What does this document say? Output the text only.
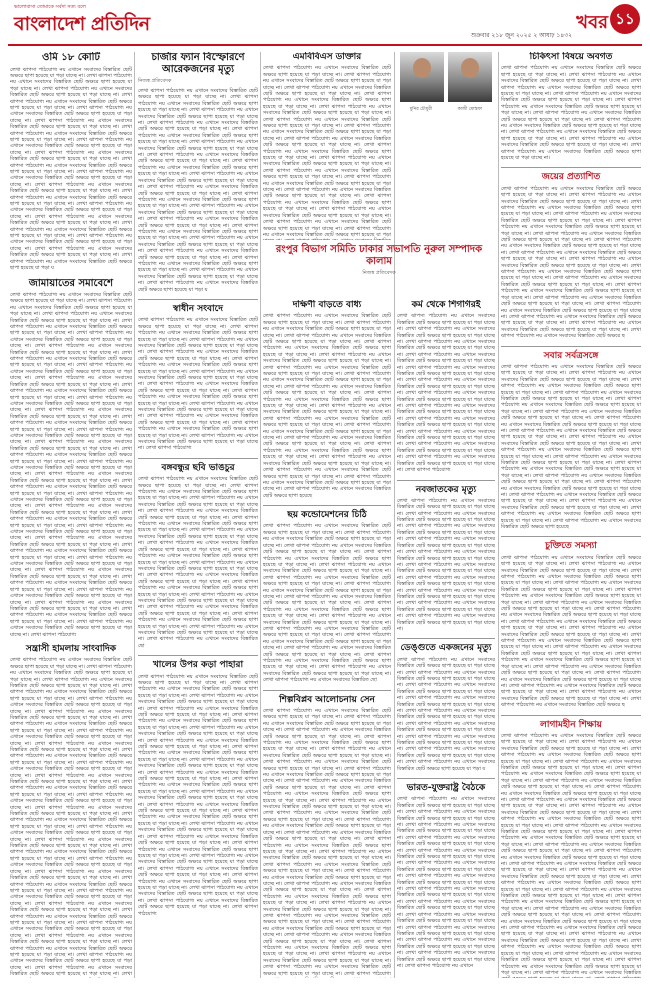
ভালোবাসা তোমাকে সর্বদা সত্য বলে
বাংলাদেশ প্রতিদিন
শুক্রবার ২১৮ জুন ২০২৫ ২ আষাঢ় ১৪৩২
খবর ১১
ওমি ১৮ কোটি
লেখা ঝাপসা পাঠযোগ্য নয় এখানে সংবাদের বিস্তারিত ছোট অক্ষরে ছাপা হয়েছে যা পড়া যাচ্ছে না। লেখা ঝাপসা পাঠযোগ্য নয় এখানে সংবাদের বিস্তারিত ছোট অক্ষরে ছাপা হয়েছে যা পড়া যাচ্ছে না। লেখা ঝাপসা পাঠযোগ্য নয় এখানে সংবাদের বিস্তারিত ছোট অক্ষরে ছাপা হয়েছে যা পড়া যাচ্ছে না। লেখা ঝাপসা পাঠযোগ্য নয় এখানে সংবাদের বিস্তারিত ছোট অক্ষরে ছাপা হয়েছে যা পড়া যাচ্ছে না। লেখা ঝাপসা পাঠযোগ্য নয় এখানে সংবাদের বিস্তারিত ছোট অক্ষরে ছাপা হয়েছে যা পড়া যাচ্ছে না। লেখা ঝাপসা পাঠযোগ্য নয় এখানে সংবাদের বিস্তারিত ছোট অক্ষরে ছাপা হয়েছে যা পড়া যাচ্ছে না। লেখা ঝাপসা পাঠযোগ্য নয় এখানে সংবাদের বিস্তারিত ছোট অক্ষরে ছাপা হয়েছে যা পড়া যাচ্ছে না। লেখা ঝাপসা পাঠযোগ্য নয় এখানে সংবাদের বিস্তারিত ছোট অক্ষরে ছাপা হয়েছে যা পড়া যাচ্ছে না। লেখা ঝাপসা পাঠযোগ্য নয় এখানে সংবাদের বিস্তারিত ছোট অক্ষরে ছাপা হয়েছে যা পড়া যাচ্ছে না। লেখা ঝাপসা পাঠযোগ্য নয় এখানে সংবাদের বিস্তারিত ছোট অক্ষরে ছাপা হয়েছে যা পড়া যাচ্ছে না। লেখা ঝাপসা পাঠযোগ্য নয় এখানে সংবাদের বিস্তারিত ছোট অক্ষরে ছাপা হয়েছে যা পড়া যাচ্ছে না। লেখা ঝাপসা পাঠযোগ্য নয় এখানে সংবাদের বিস্তারিত ছোট অক্ষরে ছাপা হয়েছে যা পড়া যাচ্ছে না। লেখা ঝাপসা পাঠযোগ্য নয় এখানে সংবাদের বিস্তারিত ছোট অক্ষরে ছাপা হয়েছে যা পড়া যাচ্ছে না। লেখা ঝাপসা পাঠযোগ্য নয় এখানে সংবাদের বিস্তারিত ছোট অক্ষরে ছাপা হয়েছে যা পড়া যাচ্ছে না। লেখা ঝাপসা পাঠযোগ্য নয় এখানে সংবাদের বিস্তারিত ছোট অক্ষরে ছাপা হয়েছে যা পড়া যাচ্ছে না। লেখা ঝাপসা পাঠযোগ্য নয় এখানে সংবাদের বিস্তারিত ছোট অক্ষরে ছাপা হয়েছে যা পড়া যাচ্ছে না। লেখা ঝাপসা পাঠযোগ্য নয় এখানে সংবাদের বিস্তারিত ছোট অক্ষরে ছাপা হয়েছে যা পড়া যাচ্ছে না। লেখা ঝাপসা পাঠযোগ্য নয় এখানে সংবাদের বিস্তারিত ছোট অক্ষরে ছাপা হয়েছে যা পড়া যাচ্ছে না। লেখা ঝাপসা পাঠযোগ্য নয় এখানে সংবাদের বিস্তারিত ছোট অক্ষরে ছাপা হয়েছে যা পড়া য
জামায়াতের সমাবেশে
লেখা ঝাপসা পাঠযোগ্য নয় এখানে সংবাদের বিস্তারিত ছোট অক্ষরে ছাপা হয়েছে যা পড়া যাচ্ছে না। লেখা ঝাপসা পাঠযোগ্য নয় এখানে সংবাদের বিস্তারিত ছোট অক্ষরে ছাপা হয়েছে যা পড়া যাচ্ছে না। লেখা ঝাপসা পাঠযোগ্য নয় এখানে সংবাদের বিস্তারিত ছোট অক্ষরে ছাপা হয়েছে যা পড়া যাচ্ছে না। লেখা ঝাপসা পাঠযোগ্য নয় এখানে সংবাদের বিস্তারিত ছোট অক্ষরে ছাপা হয়েছে যা পড়া যাচ্ছে না। লেখা ঝাপসা পাঠযোগ্য নয় এখানে সংবাদের বিস্তারিত ছোট অক্ষরে ছাপা হয়েছে যা পড়া যাচ্ছে না। লেখা ঝাপসা পাঠযোগ্য নয় এখানে সংবাদের বিস্তারিত ছোট অক্ষরে ছাপা হয়েছে যা পড়া যাচ্ছে না। লেখা ঝাপসা পাঠযোগ্য নয় এখানে সংবাদের বিস্তারিত ছোট অক্ষরে ছাপা হয়েছে যা পড়া যাচ্ছে না। লেখা ঝাপসা পাঠযোগ্য নয় এখানে সংবাদের বিস্তারিত ছোট অক্ষরে ছাপা হয়েছে যা পড়া যাচ্ছে না। লেখা ঝাপসা পাঠযোগ্য নয় এখানে সংবাদের বিস্তারিত ছোট অক্ষরে ছাপা হয়েছে যা পড়া যাচ্ছে না। লেখা ঝাপসা পাঠযোগ্য নয় এখানে সংবাদের বিস্তারিত ছোট অক্ষরে ছাপা হয়েছে যা পড়া যাচ্ছে না। লেখা ঝাপসা পাঠযোগ্য নয় এখানে সংবাদের বিস্তারিত ছোট অক্ষরে ছাপা হয়েছে যা পড়া যাচ্ছে না। লেখা ঝাপসা পাঠযোগ্য নয় এখানে সংবাদের বিস্তারিত ছোট অক্ষরে ছাপা হয়েছে যা পড়া যাচ্ছে না। লেখা ঝাপসা পাঠযোগ্য নয় এখানে সংবাদের বিস্তারিত ছোট অক্ষরে ছাপা হয়েছে যা পড়া যাচ্ছে না। লেখা ঝাপসা পাঠযোগ্য নয় এখানে সংবাদের বিস্তারিত ছোট অক্ষরে ছাপা হয়েছে যা পড়া যাচ্ছে না। লেখা ঝাপসা পাঠযোগ্য নয় এখানে সংবাদের বিস্তারিত ছোট অক্ষরে ছাপা হয়েছে যা পড়া যাচ্ছে না। লেখা ঝাপসা পাঠযোগ্য নয় এখানে সংবাদের বিস্তারিত ছোট অক্ষরে ছাপা হয়েছে যা পড়া যাচ্ছে না। লেখা ঝাপসা পাঠযোগ্য নয় এখানে সংবাদের বিস্তারিত ছোট অক্ষরে ছাপা হয়েছে যা পড়া যাচ্ছে না। লেখা ঝাপসা পাঠযোগ্য নয় এখানে সংবাদের বিস্তারিত ছোট অক্ষরে ছাপা হয়েছে যা পড়া যাচ্ছে না। লেখা ঝাপসা পাঠযোগ্য নয় এখানে সংবাদের বিস্তারিত ছোট অক্ষরে ছাপা হয়েছে যা পড়া যাচ্ছে না। লেখা ঝাপসা পাঠযোগ্য নয় এখানে সংবাদের বিস্তারিত ছোট অক্ষরে ছাপা হয়েছে যা পড়া যাচ্ছে না। লেখা ঝাপসা পাঠযোগ্য নয় এখানে সংবাদের বিস্তারিত ছোট অক্ষরে ছাপা হয়েছে যা পড়া যাচ্ছে না। লেখা ঝাপসা পাঠযোগ্য নয় এখানে সংবাদের বিস্তারিত ছোট অক্ষরে ছাপা হয়েছে যা পড়া যাচ্ছে না। লেখা ঝাপসা পাঠযোগ্য নয় এখানে সংবাদের বিস্তারিত ছোট অক্ষরে ছাপা হয়েছে যা পড়া যাচ্ছে না। লেখা ঝাপসা পাঠযোগ্য নয় এখানে সংবাদের বিস্তারিত ছোট অক্ষরে ছাপা হয়েছে যা পড়া যাচ্ছে না। লেখা ঝাপসা পাঠযোগ্য নয় এখানে সংবাদের বিস্তারিত ছোট অক্ষরে ছাপা হয়েছে যা পড়া যাচ্ছে না। লেখা ঝাপসা পাঠযোগ্য নয় এখানে সংবাদের বিস্তারিত ছোট অক্ষরে ছাপা হয়েছে যা পড়া যাচ্ছে না। লেখা ঝাপসা পাঠযোগ্য নয় এখানে সংবাদের বিস্তারিত ছোট অক্ষরে ছাপা হয়েছে যা পড়া যাচ্ছে না। লেখা ঝাপসা পাঠযোগ্য নয় এখানে সংবাদের বিস্তারিত ছোট অক্ষরে ছাপা হয়েছে যা পড়া যাচ্ছে না। লেখা ঝাপসা পাঠযোগ্য নয় এখানে সংবাদের বিস্তারিত ছোট অক্ষরে ছাপা হয়েছে যা পড়া যাচ্ছে না। লেখা ঝাপসা পাঠযোগ্য নয় এখানে সংবাদের বিস্তারিত ছোট অক্ষরে ছাপা হয়েছে যা পড়া যাচ্ছে না। লেখা ঝাপসা পাঠযোগ্য নয় এখানে সংবাদের বিস্তারিত ছোট অক্ষরে ছাপা হয়েছে যা পড়া যাচ্ছে না। লেখা ঝাপসা পাঠযোগ্য নয় এখানে সংবাদের বিস্তারিত ছোট অক্ষরে ছাপা হয়েছে যা পড়া যাচ্ছে না। লেখা ঝাপসা পাঠযোগ্য
সন্ত্রাসী হামলায় সাংবাদিক
লেখা ঝাপসা পাঠযোগ্য নয় এখানে সংবাদের বিস্তারিত ছোট অক্ষরে ছাপা হয়েছে যা পড়া যাচ্ছে না। লেখা ঝাপসা পাঠযোগ্য নয় এখানে সংবাদের বিস্তারিত ছোট অক্ষরে ছাপা হয়েছে যা পড়া যাচ্ছে না। লেখা ঝাপসা পাঠযোগ্য নয় এখানে সংবাদের বিস্তারিত ছোট অক্ষরে ছাপা হয়েছে যা পড়া যাচ্ছে না। লেখা ঝাপসা পাঠযোগ্য নয় এখানে সংবাদের বিস্তারিত ছোট অক্ষরে ছাপা হয়েছে যা পড়া যাচ্ছে না। লেখা ঝাপসা পাঠযোগ্য নয় এখানে সংবাদের বিস্তারিত ছোট অক্ষরে ছাপা হয়েছে যা পড়া যাচ্ছে না। লেখা ঝাপসা পাঠযোগ্য নয় এখানে সংবাদের বিস্তারিত ছোট অক্ষরে ছাপা হয়েছে যা পড়া যাচ্ছে না। লেখা ঝাপসা পাঠযোগ্য নয় এখানে সংবাদের বিস্তারিত ছোট অক্ষরে ছাপা হয়েছে যা পড়া যাচ্ছে না। লেখা ঝাপসা পাঠযোগ্য নয় এখানে সংবাদের বিস্তারিত ছোট অক্ষরে ছাপা হয়েছে যা পড়া যাচ্ছে না। লেখা ঝাপসা পাঠযোগ্য নয় এখানে সংবাদের বিস্তারিত ছোট অক্ষরে ছাপা হয়েছে যা পড়া যাচ্ছে না। লেখা ঝাপসা পাঠযোগ্য নয় এখানে সংবাদের বিস্তারিত ছোট অক্ষরে ছাপা হয়েছে যা পড়া যাচ্ছে না। লেখা ঝাপসা পাঠযোগ্য নয় এখানে সংবাদের বিস্তারিত ছোট অক্ষরে ছাপা হয়েছে যা পড়া যাচ্ছে না। লেখা ঝাপসা পাঠযোগ্য নয় এখানে সংবাদের বিস্তারিত ছোট অক্ষরে ছাপা হয়েছে যা পড়া যাচ্ছে না। লেখা ঝাপসা পাঠযোগ্য নয় এখানে সংবাদের বিস্তারিত ছোট অক্ষরে ছাপা হয়েছে যা পড়া যাচ্ছে না। লেখা ঝাপসা পাঠযোগ্য নয় এখানে সংবাদের বিস্তারিত ছোট অক্ষরে ছাপা হয়েছে যা পড়া যাচ্ছে না। লেখা ঝাপসা পাঠযোগ্য নয় এখানে সংবাদের বিস্তারিত ছোট অক্ষরে ছাপা হয়েছে যা পড়া যাচ্ছে না। লেখা ঝাপসা পাঠযোগ্য নয় এখানে সংবাদের বিস্তারিত ছোট অক্ষরে ছাপা হয়েছে যা পড়া যাচ্ছে না। লেখা ঝাপসা পাঠযোগ্য নয় এখানে সংবাদের বিস্তারিত ছোট অক্ষরে ছাপা হয়েছে যা পড়া যাচ্ছে না। লেখা ঝাপসা পাঠযোগ্য নয় এখানে সংবাদের বিস্তারিত ছোট অক্ষরে ছাপা হয়েছে যা পড়া যাচ্ছে না। লেখা ঝাপসা পাঠযোগ্য নয় এখানে সংবাদের বিস্তারিত ছোট অক্ষরে ছাপা হয়েছে যা পড়া যাচ্ছে না। লেখা ঝাপসা পাঠযোগ্য নয় এখানে সংবাদের বিস্তারিত ছোট অক্ষরে ছাপা হয়েছে যা পড়া যাচ্ছে না। লেখা ঝাপসা পাঠযোগ্য নয় এখানে সংবাদের বিস্তারিত ছোট অক্ষরে ছাপা হয়েছে যা পড়া যাচ্ছে না। লেখা ঝাপসা পাঠযোগ্য নয় এখানে সংবাদের বিস্তারিত ছোট অক্ষরে ছাপা হয়েছে যা পড়া যাচ্ছে না। লেখা ঝাপসা পাঠযোগ্য নয় এখানে সংবাদের বিস্তারিত ছোট অক্ষরে ছাপা হয়েছে যা পড়া যাচ্ছে না। লেখা ঝাপসা পাঠযোগ্য নয় এখানে সংবাদের বিস্তারিত ছোট অক্ষরে ছাপা হয়েছে যা পড়া যাচ্ছে না। লেখা ঝাপসা পাঠযোগ্য নয় এখানে সংবাদের বিস্তারিত ছোট অক্ষরে ছাপা হয়েছে যা পড়া যাচ্ছে না। লেখা ঝাপসা পাঠযোগ্য নয় এখানে সংবাদের বিস্তারিত ছোট অক্ষরে ছাপা হয়েছে যা পড়া যাচ্ছে না। লেখা ঝাপসা পাঠযোগ্য নয় এখানে সংবাদের বিস্তারিত ছোট অক্ষরে ছাপা হয়েছে যা পড়া যাচ্ছে না। লেখা ঝাপসা পাঠযোগ্য নয় এখানে সংবাদের বিস্তারিত ছোট অক্ষরে ছাপা হয়েছে যা পড়া যাচ্ছে না। লেখা ঝাপসা পাঠযোগ্য নয় এখানে সংবাদের বিস্তারিত ছোট অক্ষরে ছাপা হয়েছে যা পড়া যাচ্ছে না। লেখা ঝাপসা পাঠযোগ্য নয় এখানে সংবাদের বিস্তারিত ছোট অক্ষরে ছাপা হয়েছে যা পড়া যাচ্ছে না। লেখা
চার্জার ফ্যান বিস্ফোরণে আরেকজনের মৃত্যু
নিজস্ব প্রতিবেদক
লেখা ঝাপসা পাঠযোগ্য নয় এখানে সংবাদের বিস্তারিত ছোট অক্ষরে ছাপা হয়েছে যা পড়া যাচ্ছে না। লেখা ঝাপসা পাঠযোগ্য নয় এখানে সংবাদের বিস্তারিত ছোট অক্ষরে ছাপা হয়েছে যা পড়া যাচ্ছে না। লেখা ঝাপসা পাঠযোগ্য নয় এখানে সংবাদের বিস্তারিত ছোট অক্ষরে ছাপা হয়েছে যা পড়া যাচ্ছে না। লেখা ঝাপসা পাঠযোগ্য নয় এখানে সংবাদের বিস্তারিত ছোট অক্ষরে ছাপা হয়েছে যা পড়া যাচ্ছে না। লেখা ঝাপসা পাঠযোগ্য নয় এখানে সংবাদের বিস্তারিত ছোট অক্ষরে ছাপা হয়েছে যা পড়া যাচ্ছে না। লেখা ঝাপসা পাঠযোগ্য নয় এখানে সংবাদের বিস্তারিত ছোট অক্ষরে ছাপা হয়েছে যা পড়া যাচ্ছে না। লেখা ঝাপসা পাঠযোগ্য নয় এখানে সংবাদের বিস্তারিত ছোট অক্ষরে ছাপা হয়েছে যা পড়া যাচ্ছে না। লেখা ঝাপসা পাঠযোগ্য নয় এখানে সংবাদের বিস্তারিত ছোট অক্ষরে ছাপা হয়েছে যা পড়া যাচ্ছে না। লেখা ঝাপসা পাঠযোগ্য নয় এখানে সংবাদের বিস্তারিত ছোট অক্ষরে ছাপা হয়েছে যা পড়া যাচ্ছে না। লেখা ঝাপসা পাঠযোগ্য নয় এখানে সংবাদের বিস্তারিত ছোট অক্ষরে ছাপা হয়েছে যা পড়া যাচ্ছে না। লেখা ঝাপসা পাঠযোগ্য নয় এখানে সংবাদের বিস্তারিত ছোট অক্ষরে ছাপা হয়েছে যা পড়া যাচ্ছে না। লেখা ঝাপসা পাঠযোগ্য নয় এখানে সংবাদের বিস্তারিত ছোট অক্ষরে ছাপা হয়েছে যা পড়া যাচ্ছে না। লেখা ঝাপসা পাঠযোগ্য নয় এখানে সংবাদের বিস্তারিত ছোট অক্ষরে ছাপা হয়েছে যা পড়া যাচ্ছে না। লেখা ঝাপসা পাঠযোগ্য নয় এখানে সংবাদের বিস্তারিত ছোট অক্ষরে ছাপা হয়েছে যা পড়া যাচ্ছে না। লেখা ঝাপসা পাঠযোগ্য নয় এখানে সংবাদের বিস্তারিত ছোট অক্ষরে ছাপা হয়েছে যা পড়া যাচ্ছে না। লেখা ঝাপসা পাঠযোগ্য নয় এখানে সংবাদের বিস্তারিত ছোট অক্ষরে ছাপা হয়েছে যা পড়া যাচ্ছে না। লেখা ঝাপসা পাঠযোগ্য নয় এখানে সংবাদের বিস্তারিত ছোট অক্ষরে ছাপা হয়েছে যা পড়া যাচ্ছে না। লেখা ঝাপসা পাঠযোগ্য নয় এখানে সংবাদের বিস্তারিত ছোট অক্ষরে ছাপা হয়েছে যা পড়া যাচ্ছে না। লেখা ঝাপসা পাঠযোগ্য নয় এখানে সংবাদের বিস্তারিত ছোট অক্ষরে ছাপা হয়েছে যা পড়া য
স্বাধীন সংবাদে
লেখা ঝাপসা পাঠযোগ্য নয় এখানে সংবাদের বিস্তারিত ছোট অক্ষরে ছাপা হয়েছে যা পড়া যাচ্ছে না। লেখা ঝাপসা পাঠযোগ্য নয় এখানে সংবাদের বিস্তারিত ছোট অক্ষরে ছাপা হয়েছে যা পড়া যাচ্ছে না। লেখা ঝাপসা পাঠযোগ্য নয় এখানে সংবাদের বিস্তারিত ছোট অক্ষরে ছাপা হয়েছে যা পড়া যাচ্ছে না। লেখা ঝাপসা পাঠযোগ্য নয় এখানে সংবাদের বিস্তারিত ছোট অক্ষরে ছাপা হয়েছে যা পড়া যাচ্ছে না। লেখা ঝাপসা পাঠযোগ্য নয় এখানে সংবাদের বিস্তারিত ছোট অক্ষরে ছাপা হয়েছে যা পড়া যাচ্ছে না। লেখা ঝাপসা পাঠযোগ্য নয় এখানে সংবাদের বিস্তারিত ছোট অক্ষরে ছাপা হয়েছে যা পড়া যাচ্ছে না। লেখা ঝাপসা পাঠযোগ্য নয় এখানে সংবাদের বিস্তারিত ছোট অক্ষরে ছাপা হয়েছে যা পড়া যাচ্ছে না। লেখা ঝাপসা পাঠযোগ্য নয় এখানে সংবাদের বিস্তারিত ছোট অক্ষরে ছাপা হয়েছে যা পড়া যাচ্ছে না। লেখা ঝাপসা পাঠযোগ্য নয় এখানে সংবাদের বিস্তারিত ছোট অক্ষরে ছাপা হয়েছে যা পড়া যাচ্ছে না। লেখা ঝাপসা পাঠযোগ্য নয় এখানে সংবাদের বিস্তারিত ছোট অক্ষরে ছাপা হয়েছে যা পড়া যাচ্ছে না। লেখা ঝাপসা পাঠযোগ্য নয় এখানে সংবাদের বিস্তারিত ছোট অক্ষরে ছাপা হয়েছে যা পড়া যাচ্ছে না। লেখা ঝাপসা পাঠযোগ্য নয় এখানে সংবাদের বিস্তারিত ছোট অক্ষরে ছাপা হয়েছে যা পড়া যাচ্ছে না। লেখা ঝাপসা পাঠযোগ্য
বঙ্গবন্ধুর ছবি ভাঙচুর
লেখা ঝাপসা পাঠযোগ্য নয় এখানে সংবাদের বিস্তারিত ছোট অক্ষরে ছাপা হয়েছে যা পড়া যাচ্ছে না। লেখা ঝাপসা পাঠযোগ্য নয় এখানে সংবাদের বিস্তারিত ছোট অক্ষরে ছাপা হয়েছে যা পড়া যাচ্ছে না। লেখা ঝাপসা পাঠযোগ্য নয় এখানে সংবাদের বিস্তারিত ছোট অক্ষরে ছাপা হয়েছে যা পড়া যাচ্ছে না। লেখা ঝাপসা পাঠযোগ্য নয় এখানে সংবাদের বিস্তারিত ছোট অক্ষরে ছাপা হয়েছে যা পড়া যাচ্ছে না। লেখা ঝাপসা পাঠযোগ্য নয় এখানে সংবাদের বিস্তারিত ছোট অক্ষরে ছাপা হয়েছে যা পড়া যাচ্ছে না। লেখা ঝাপসা পাঠযোগ্য নয় এখানে সংবাদের বিস্তারিত ছোট অক্ষরে ছাপা হয়েছে যা পড়া যাচ্ছে না। লেখা ঝাপসা পাঠযোগ্য নয় এখানে সংবাদের বিস্তারিত ছোট অক্ষরে ছাপা হয়েছে যা পড়া যাচ্ছে না। লেখা ঝাপসা পাঠযোগ্য নয় এখানে সংবাদের বিস্তারিত ছোট অক্ষরে ছাপা হয়েছে যা পড়া যাচ্ছে না। লেখা ঝাপসা পাঠযোগ্য নয় এখানে সংবাদের বিস্তারিত ছোট অক্ষরে ছাপা হয়েছে যা পড়া যাচ্ছে না। লেখা ঝাপসা পাঠযোগ্য নয় এখানে সংবাদের বিস্তারিত ছোট অক্ষরে ছাপা হয়েছে যা পড়া যাচ্ছে না। লেখা ঝাপসা পাঠযোগ্য নয় এখানে সংবাদের বিস্তারিত ছোট অক্ষরে ছাপা হয়েছে যা পড়া যাচ্ছে না। লেখা ঝাপসা পাঠযোগ্য নয় এখানে সংবাদের বিস্তারিত ছোট অক্ষরে ছাপা হয়েছে যা পড়া যাচ্ছে না। লেখা ঝাপসা পাঠযোগ্য নয় এখানে সংবাদের বিস্তারিত ছোট অক্ষরে ছাপা হয়েছে যা পড়া যাচ্ছে না। লেখা ঝাপসা পাঠযোগ্য নয় এখানে সংবাদের বিস্তারিত ছোট অক্ষরে ছাপা হয়েছে যা পড়া যাচ্ছে না। লেখা ঝাপসা পাঠযোগ্য নয় এখানে সংবাদের বিস্তারিত ছোট অক্ষরে ছাপা হয়েছে যা পড়া যাচ্ছে না। লেখা ঝাপসা পাঠযোগ্য নয় এখানে সংবাদের বিস্তারিত ছো
খালের উপর কড়া পাহারা
লেখা ঝাপসা পাঠযোগ্য নয় এখানে সংবাদের বিস্তারিত ছোট অক্ষরে ছাপা হয়েছে যা পড়া যাচ্ছে না। লেখা ঝাপসা পাঠযোগ্য নয় এখানে সংবাদের বিস্তারিত ছোট অক্ষরে ছাপা হয়েছে যা পড়া যাচ্ছে না। লেখা ঝাপসা পাঠযোগ্য নয় এখানে সংবাদের বিস্তারিত ছোট অক্ষরে ছাপা হয়েছে যা পড়া যাচ্ছে না। লেখা ঝাপসা পাঠযোগ্য নয় এখানে সংবাদের বিস্তারিত ছোট অক্ষরে ছাপা হয়েছে যা পড়া যাচ্ছে না। লেখা ঝাপসা পাঠযোগ্য নয় এখানে সংবাদের বিস্তারিত ছোট অক্ষরে ছাপা হয়েছে যা পড়া যাচ্ছে না। লেখা ঝাপসা পাঠযোগ্য নয় এখানে সংবাদের বিস্তারিত ছোট অক্ষরে ছাপা হয়েছে যা পড়া যাচ্ছে না। লেখা ঝাপসা পাঠযোগ্য নয় এখানে সংবাদের বিস্তারিত ছোট অক্ষরে ছাপা হয়েছে যা পড়া যাচ্ছে না। লেখা ঝাপসা পাঠযোগ্য নয় এখানে সংবাদের বিস্তারিত ছোট অক্ষরে ছাপা হয়েছে যা পড়া যাচ্ছে না। লেখা ঝাপসা পাঠযোগ্য নয় এখানে সংবাদের বিস্তারিত ছোট অক্ষরে ছাপা হয়েছে যা পড়া যাচ্ছে না। লেখা ঝাপসা পাঠযোগ্য নয় এখানে সংবাদের বিস্তারিত ছোট অক্ষরে ছাপা হয়েছে যা পড়া যাচ্ছে না। লেখা ঝাপসা পাঠযোগ্য নয় এখানে সংবাদের বিস্তারিত ছোট অক্ষরে ছাপা হয়েছে যা পড়া যাচ্ছে না। লেখা ঝাপসা পাঠযোগ্য নয় এখানে সংবাদের বিস্তারিত ছোট অক্ষরে ছাপা হয়েছে যা পড়া যাচ্ছে না। লেখা ঝাপসা পাঠযোগ্য নয় এখানে সংবাদের বিস্তারিত ছোট অক্ষরে ছাপা হয়েছে যা পড়া যাচ্ছে না। লেখা ঝাপসা পাঠযোগ্য নয় এখানে সংবাদের বিস্তারিত ছোট অক্ষরে ছাপা হয়েছে যা পড়া যাচ্ছে না। লেখা ঝাপসা পাঠযোগ্য নয় এখানে সংবাদের বিস্তারিত ছোট অক্ষরে ছাপা হয়েছে যা পড়া যাচ্ছে না। লেখা ঝাপসা পাঠযোগ্য নয় এখানে সংবাদের বিস্তারিত ছোট অক্ষরে ছাপা হয়েছে যা পড়া যাচ্ছে না। লেখা ঝাপসা পাঠযোগ্য নয় এখানে সংবাদের বিস্তারিত ছোট অক্ষরে ছাপা হয়েছে যা পড়া যাচ্ছে না। লেখা ঝাপসা পাঠযোগ্য নয় এখানে সংবাদের বিস্তারিত ছোট অক্ষরে ছাপা হয়েছে যা পড়া যাচ্ছে না। লেখা ঝাপসা পাঠযোগ্য নয় এখানে সংবাদের বিস্তারিত ছোট অক্ষরে ছাপা হয়েছে যা পড়া যাচ্ছে না। লেখা ঝাপসা পাঠযোগ্য নয় এখানে সংবাদের বিস্তারিত ছোট অক্ষরে ছাপা হয়েছে যা পড়া যাচ্ছে না। লেখা ঝাপসা পাঠযোগ্য নয় এখানে সংবাদের বিস্তারিত ছোট অক্ষরে ছাপা হয়েছে যা পড়া যাচ্ছে না। লেখা ঝাপসা পাঠযোগ্য নয় এখানে সংবাদের বিস্তারিত ছোট অক্ষরে ছাপা হয়েছে যা পড়া যাচ্ছে না। লেখা ঝাপসা পাঠযোগ্য
এমবিবিএস ডাক্তার
লেখা ঝাপসা পাঠযোগ্য নয় এখানে সংবাদের বিস্তারিত ছোট অক্ষরে ছাপা হয়েছে যা পড়া যাচ্ছে না। লেখা ঝাপসা পাঠযোগ্য নয় এখানে সংবাদের বিস্তারিত ছোট অক্ষরে ছাপা হয়েছে যা পড়া যাচ্ছে না। লেখা ঝাপসা পাঠযোগ্য নয় এখানে সংবাদের বিস্তারিত ছোট অক্ষরে ছাপা হয়েছে যা পড়া যাচ্ছে না। লেখা ঝাপসা পাঠযোগ্য নয় এখানে সংবাদের বিস্তারিত ছোট অক্ষরে ছাপা হয়েছে যা পড়া যাচ্ছে না। লেখা ঝাপসা পাঠযোগ্য নয় এখানে সংবাদের বিস্তারিত ছোট অক্ষরে ছাপা হয়েছে যা পড়া যাচ্ছে না। লেখা ঝাপসা পাঠযোগ্য নয় এখানে সংবাদের বিস্তারিত ছোট অক্ষরে ছাপা হয়েছে যা পড়া যাচ্ছে না। লেখা ঝাপসা পাঠযোগ্য নয় এখানে সংবাদের বিস্তারিত ছোট অক্ষরে ছাপা হয়েছে যা পড়া যাচ্ছে না। লেখা ঝাপসা পাঠযোগ্য নয় এখানে সংবাদের বিস্তারিত ছোট অক্ষরে ছাপা হয়েছে যা পড়া যাচ্ছে না। লেখা ঝাপসা পাঠযোগ্য নয় এখানে সংবাদের বিস্তারিত ছোট অক্ষরে ছাপা হয়েছে যা পড়া যাচ্ছে না। লেখা ঝাপসা পাঠযোগ্য নয় এখানে সংবাদের বিস্তারিত ছোট অক্ষরে ছাপা হয়েছে যা পড়া যাচ্ছে না। লেখা ঝাপসা পাঠযোগ্য নয় এখানে সংবাদের বিস্তারিত ছোট অক্ষরে ছাপা হয়েছে যা পড়া যাচ্ছে না। লেখা ঝাপসা পাঠযোগ্য নয় এখানে সংবাদের বিস্তারিত ছোট অক্ষরে ছাপা হয়েছে যা পড়া যাচ্ছে না। লেখা ঝাপসা পাঠযোগ্য নয় এখানে সংবাদের বিস্তারিত ছোট অক্ষরে ছাপা হয়েছে যা পড়া যাচ্ছে না। লেখা ঝাপসা পাঠযোগ্য নয় এখানে সংবাদের বিস্তারিত ছোট অক্ষরে ছাপা হয়েছে যা পড়া যাচ্ছে না। লেখা ঝাপসা পাঠযোগ্য নয় এখানে সংবাদের বিস্তারিত ছোট অক্ষরে ছাপা হয়েছে যা পড়া যাচ্ছে না। লেখা ঝাপসা পাঠযোগ্য নয় এখানে সংবাদের বিস্তারিত ছোট অক্ষরে ছাপা হয়েছে যা পড়া যাচ্ছে না। লেখা ঝাপসা পাঠযোগ্য নয় এখানে সংবাদের বিস্তারিত ছোট অক্ষরে ছাপা হয়েছে যা পড়া
দক্ষিণী বাড়তে বাধ্য
লেখা ঝাপসা পাঠযোগ্য নয় এখানে সংবাদের বিস্তারিত ছোট অক্ষরে ছাপা হয়েছে যা পড়া যাচ্ছে না। লেখা ঝাপসা পাঠযোগ্য নয় এখানে সংবাদের বিস্তারিত ছোট অক্ষরে ছাপা হয়েছে যা পড়া যাচ্ছে না। লেখা ঝাপসা পাঠযোগ্য নয় এখানে সংবাদের বিস্তারিত ছোট অক্ষরে ছাপা হয়েছে যা পড়া যাচ্ছে না। লেখা ঝাপসা পাঠযোগ্য নয় এখানে সংবাদের বিস্তারিত ছোট অক্ষরে ছাপা হয়েছে যা পড়া যাচ্ছে না। লেখা ঝাপসা পাঠযোগ্য নয় এখানে সংবাদের বিস্তারিত ছোট অক্ষরে ছাপা হয়েছে যা পড়া যাচ্ছে না। লেখা ঝাপসা পাঠযোগ্য নয় এখানে সংবাদের বিস্তারিত ছোট অক্ষরে ছাপা হয়েছে যা পড়া যাচ্ছে না। লেখা ঝাপসা পাঠযোগ্য নয় এখানে সংবাদের বিস্তারিত ছোট অক্ষরে ছাপা হয়েছে যা পড়া যাচ্ছে না। লেখা ঝাপসা পাঠযোগ্য নয় এখানে সংবাদের বিস্তারিত ছোট অক্ষরে ছাপা হয়েছে যা পড়া যাচ্ছে না। লেখা ঝাপসা পাঠযোগ্য নয় এখানে সংবাদের বিস্তারিত ছোট অক্ষরে ছাপা হয়েছে যা পড়া যাচ্ছে না। লেখা ঝাপসা পাঠযোগ্য নয় এখানে সংবাদের বিস্তারিত ছোট অক্ষরে ছাপা হয়েছে যা পড়া যাচ্ছে না। লেখা ঝাপসা পাঠযোগ্য নয় এখানে সংবাদের বিস্তারিত ছোট অক্ষরে ছাপা হয়েছে যা পড়া যাচ্ছে না। লেখা ঝাপসা পাঠযোগ্য নয় এখানে সংবাদের বিস্তারিত ছোট অক্ষরে ছাপা হয়েছে যা পড়া যাচ্ছে না। লেখা ঝাপসা পাঠযোগ্য নয় এখানে সংবাদের বিস্তারিত ছোট অক্ষরে ছাপা হয়েছে যা পড়া যাচ্ছে না। লেখা ঝাপসা পাঠযোগ্য নয় এখানে সংবাদের বিস্তারিত ছোট অক্ষরে ছাপা হয়েছে যা পড়া যাচ্ছে না। লেখা ঝাপসা পাঠযোগ্য নয় এখানে সংবাদের বিস্তারিত ছোট অক্ষরে ছাপা হয়েছে যা পড়া যাচ্ছে না। লেখা ঝাপসা পাঠযোগ্য নয় এখানে সংবাদের বিস্তারিত ছোট অক্ষরে ছাপা হয়েছে যা পড়া যাচ্ছে না। লেখা ঝাপসা পাঠযোগ্য নয় এখানে সংবাদের বিস্তারিত ছোট অক্ষরে ছাপা হয়েছে যা পড়া যাচ্ছে না। লেখা ঝাপসা পাঠযোগ্য নয় এখানে সংবাদের বিস্তারিত ছোট অক্ষরে ছাপা হয়েছে
ছয় কন্ডোমেশনের চিঠি
লেখা ঝাপসা পাঠযোগ্য নয় এখানে সংবাদের বিস্তারিত ছোট অক্ষরে ছাপা হয়েছে যা পড়া যাচ্ছে না। লেখা ঝাপসা পাঠযোগ্য নয় এখানে সংবাদের বিস্তারিত ছোট অক্ষরে ছাপা হয়েছে যা পড়া যাচ্ছে না। লেখা ঝাপসা পাঠযোগ্য নয় এখানে সংবাদের বিস্তারিত ছোট অক্ষরে ছাপা হয়েছে যা পড়া যাচ্ছে না। লেখা ঝাপসা পাঠযোগ্য নয় এখানে সংবাদের বিস্তারিত ছোট অক্ষরে ছাপা হয়েছে যা পড়া যাচ্ছে না। লেখা ঝাপসা পাঠযোগ্য নয় এখানে সংবাদের বিস্তারিত ছোট অক্ষরে ছাপা হয়েছে যা পড়া যাচ্ছে না। লেখা ঝাপসা পাঠযোগ্য নয় এখানে সংবাদের বিস্তারিত ছোট অক্ষরে ছাপা হয়েছে যা পড়া যাচ্ছে না। লেখা ঝাপসা পাঠযোগ্য নয় এখানে সংবাদের বিস্তারিত ছোট অক্ষরে ছাপা হয়েছে যা পড়া যাচ্ছে না। লেখা ঝাপসা পাঠযোগ্য নয় এখানে সংবাদের বিস্তারিত ছোট অক্ষরে ছাপা হয়েছে যা পড়া যাচ্ছে না। লেখা ঝাপসা পাঠযোগ্য নয় এখানে সংবাদের বিস্তারিত ছোট অক্ষরে ছাপা হয়েছে যা পড়া যাচ্ছে না। লেখা ঝাপসা পাঠযোগ্য নয় এখানে সংবাদের বিস্তারিত ছোট অক্ষরে ছাপা হয়েছে যা পড়া যাচ্ছে না। লেখা ঝাপসা পাঠযোগ্য নয় এখানে সংবাদের বিস্তারিত ছোট অক্ষরে ছাপা হয়েছে যা পড়া যাচ্ছে না। লেখা ঝাপসা পাঠযোগ্য নয় এখানে সংবাদের বিস্তারিত ছোট অক্ষরে ছাপা হয়েছে যা পড়া যাচ্ছে না। লেখা ঝাপসা পাঠযোগ্য নয় এখানে সংবাদের বিস্তারিত ছোট অক্ষরে ছাপা হয়েছে যা পড়া যাচ্ছে না। লেখা ঝাপসা পাঠযোগ্য নয় এখানে সংবাদের বিস্তারিত ছোট অক্ষরে ছাপা হয়েছে যা পড়া যাচ্ছে না। লেখা ঝাপসা পাঠযোগ্য নয় এখানে সংবাদের বিস্তারিত ছোট অক্ষরে ছাপা হয়েছে যা পড়া যাচ্ছে না। লেখা ঝাপসা পাঠযোগ্য নয় এখানে সংবাদের বিস্তারিত ছো
শিল্পবিপ্লব আলোচনায় সেন
লেখা ঝাপসা পাঠযোগ্য নয় এখানে সংবাদের বিস্তারিত ছোট অক্ষরে ছাপা হয়েছে যা পড়া যাচ্ছে না। লেখা ঝাপসা পাঠযোগ্য নয় এখানে সংবাদের বিস্তারিত ছোট অক্ষরে ছাপা হয়েছে যা পড়া যাচ্ছে না। লেখা ঝাপসা পাঠযোগ্য নয় এখানে সংবাদের বিস্তারিত ছোট অক্ষরে ছাপা হয়েছে যা পড়া যাচ্ছে না। লেখা ঝাপসা পাঠযোগ্য নয় এখানে সংবাদের বিস্তারিত ছোট অক্ষরে ছাপা হয়েছে যা পড়া যাচ্ছে না। লেখা ঝাপসা পাঠযোগ্য নয় এখানে সংবাদের বিস্তারিত ছোট অক্ষরে ছাপা হয়েছে যা পড়া যাচ্ছে না। লেখা ঝাপসা পাঠযোগ্য নয় এখানে সংবাদের বিস্তারিত ছোট অক্ষরে ছাপা হয়েছে যা পড়া যাচ্ছে না। লেখা ঝাপসা পাঠযোগ্য নয় এখানে সংবাদের বিস্তারিত ছোট অক্ষরে ছাপা হয়েছে যা পড়া যাচ্ছে না। লেখা ঝাপসা পাঠযোগ্য নয় এখানে সংবাদের বিস্তারিত ছোট অক্ষরে ছাপা হয়েছে যা পড়া যাচ্ছে না। লেখা ঝাপসা পাঠযোগ্য নয় এখানে সংবাদের বিস্তারিত ছোট অক্ষরে ছাপা হয়েছে যা পড়া যাচ্ছে না। লেখা ঝাপসা পাঠযোগ্য নয় এখানে সংবাদের বিস্তারিত ছোট অক্ষরে ছাপা হয়েছে যা পড়া যাচ্ছে না। লেখা ঝাপসা পাঠযোগ্য নয় এখানে সংবাদের বিস্তারিত ছোট অক্ষরে ছাপা হয়েছে যা পড়া যাচ্ছে না। লেখা ঝাপসা পাঠযোগ্য নয় এখানে সংবাদের বিস্তারিত ছোট অক্ষরে ছাপা হয়েছে যা পড়া যাচ্ছে না। লেখা ঝাপসা পাঠযোগ্য নয় এখানে সংবাদের বিস্তারিত ছোট অক্ষরে ছাপা হয়েছে যা পড়া যাচ্ছে না। লেখা ঝাপসা পাঠযোগ্য নয় এখানে সংবাদের বিস্তারিত ছোট অক্ষরে ছাপা হয়েছে যা পড়া যাচ্ছে না। লেখা ঝাপসা পাঠযোগ্য নয় এখানে সংবাদের বিস্তারিত ছোট অক্ষরে ছাপা হয়েছে যা পড়া যাচ্ছে না। লেখা ঝাপসা পাঠযোগ্য নয় এখানে সংবাদের বিস্তারিত ছোট অক্ষরে ছাপা হয়েছে যা পড়া যাচ্ছে না। লেখা ঝাপসা পাঠযোগ্য নয় এখানে সংবাদের বিস্তারিত ছোট অক্ষরে ছাপা হয়েছে যা পড়া যাচ্ছে না। লেখা ঝাপসা পাঠযোগ্য নয় এখানে সংবাদের বিস্তারিত ছোট অক্ষরে ছাপা হয়েছে যা পড়া যাচ্ছে না। লেখা ঝাপসা পাঠযোগ্য নয় এখানে সংবাদের বিস্তারিত ছোট অক্ষরে ছাপা হয়েছে যা পড়া যাচ্ছে না। লেখা ঝাপসা পাঠযোগ্য নয় এখানে সংবাদের বিস্তারিত ছোট অক্ষরে ছাপা হয়েছে যা পড়া যাচ্ছে না। লেখা ঝাপসা পাঠযোগ্য নয় এখানে সংবাদের বিস্তারিত ছোট অক্ষরে ছাপা হয়েছে যা পড়া যাচ্ছে না। লেখা ঝাপসা পাঠযোগ্য নয় এখানে সংবাদের বিস্তারিত ছোট অক্ষরে ছাপা হয়েছে যা পড়া যাচ্ছে না। লেখা ঝাপসা পাঠযোগ্য নয় এখানে সংবাদের বিস্তারিত ছোট অক্ষরে ছাপা হয়েছে যা পড়া যাচ্ছে না। লেখা ঝাপসা পাঠযোগ্য নয় এখানে সংবাদের বিস্তারিত ছোট অক্ষরে ছাপা হয়েছে যা পড়া যাচ্ছে না। লেখা ঝাপসা পাঠযোগ্য নয় এখানে সংবাদের বিস্তারিত ছোট অক্ষরে ছাপা হয়েছে যা পড়া যাচ্ছে না। লেখা ঝাপসা পাঠযোগ্য নয় এখানে সংবাদের বিস্তারিত ছোট অক্ষরে ছাপা হয়েছে যা পড়া যাচ্ছে না। লেখা ঝাপসা পাঠযোগ্য
মুনির চৌধুরী	কাজী মোস্তফা
রংপুর বিভাগ সমিতি ঢাকার সভাপতি নুরুল সম্পাদক কালাম
নিজস্ব প্রতিবেদক
কর্ম থেকে শিগগিরই
লেখা ঝাপসা পাঠযোগ্য নয় এখানে সংবাদের বিস্তারিত ছোট অক্ষরে ছাপা হয়েছে যা পড়া যাচ্ছে না। লেখা ঝাপসা পাঠযোগ্য নয় এখানে সংবাদের বিস্তারিত ছোট অক্ষরে ছাপা হয়েছে যা পড়া যাচ্ছে না। লেখা ঝাপসা পাঠযোগ্য নয় এখানে সংবাদের বিস্তারিত ছোট অক্ষরে ছাপা হয়েছে যা পড়া যাচ্ছে না। লেখা ঝাপসা পাঠযোগ্য নয় এখানে সংবাদের বিস্তারিত ছোট অক্ষরে ছাপা হয়েছে যা পড়া যাচ্ছে না। লেখা ঝাপসা পাঠযোগ্য নয় এখানে সংবাদের বিস্তারিত ছোট অক্ষরে ছাপা হয়েছে যা পড়া যাচ্ছে না। লেখা ঝাপসা পাঠযোগ্য নয় এখানে সংবাদের বিস্তারিত ছোট অক্ষরে ছাপা হয়েছে যা পড়া যাচ্ছে না। লেখা ঝাপসা পাঠযোগ্য নয় এখানে সংবাদের বিস্তারিত ছোট অক্ষরে ছাপা হয়েছে যা পড়া যাচ্ছে না। লেখা ঝাপসা পাঠযোগ্য নয় এখানে সংবাদের বিস্তারিত ছোট অক্ষরে ছাপা হয়েছে যা পড়া যাচ্ছে না। লেখা ঝাপসা পাঠযোগ্য নয় এখানে সংবাদের বিস্তারিত ছোট অক্ষরে ছাপা হয়েছে যা পড়া যাচ্ছে না। লেখা ঝাপসা পাঠযোগ্য নয় এখানে সংবাদের বিস্তারিত ছোট অক্ষরে ছাপা হয়েছে যা পড়া যাচ্ছে না। লেখা ঝাপসা পাঠযোগ্য নয় এখানে সংবাদের বিস্তারিত ছোট অক্ষরে ছাপা হয়েছে যা পড়া যাচ্ছে না। লেখা ঝাপসা পাঠযোগ্য নয় এখানে সংবাদের বিস্তারিত ছোট অক্ষরে ছাপা হয়েছে যা পড়া যাচ্ছে না। লেখা ঝাপসা পাঠযোগ্য
নবজাতকের মৃত্যু
লেখা ঝাপসা পাঠযোগ্য নয় এখানে সংবাদের বিস্তারিত ছোট অক্ষরে ছাপা হয়েছে যা পড়া যাচ্ছে না। লেখা ঝাপসা পাঠযোগ্য নয় এখানে সংবাদের বিস্তারিত ছোট অক্ষরে ছাপা হয়েছে যা পড়া যাচ্ছে না। লেখা ঝাপসা পাঠযোগ্য নয় এখানে সংবাদের বিস্তারিত ছোট অক্ষরে ছাপা হয়েছে যা পড়া যাচ্ছে না। লেখা ঝাপসা পাঠযোগ্য নয় এখানে সংবাদের বিস্তারিত ছোট অক্ষরে ছাপা হয়েছে যা পড়া যাচ্ছে না। লেখা ঝাপসা পাঠযোগ্য নয় এখানে সংবাদের বিস্তারিত ছোট অক্ষরে ছাপা হয়েছে যা পড়া যাচ্ছে না। লেখা ঝাপসা পাঠযোগ্য নয় এখানে সংবাদের বিস্তারিত ছোট অক্ষরে ছাপা হয়েছে যা পড়া যাচ্ছে না। লেখা ঝাপসা পাঠযোগ্য নয় এখানে সংবাদের বিস্তারিত ছোট অক্ষরে ছাপা হয়েছে যা পড়া যাচ্ছে না। লেখা ঝাপসা পাঠযোগ্য নয় এখানে সংবাদের বিস্তারিত ছোট অক্ষরে ছাপা হয়েছে যা পড়া যাচ্ছে না। লেখা ঝাপসা পাঠযোগ্য নয় এখানে সংবাদের বিস্তারিত ছোট অক্ষরে ছাপা হয়েছে যা পড়া যাচ্ছে না। লেখা ঝাপসা পাঠযোগ্য নয় এখানে সংবাদের বিস্তারিত ছোট অক্ষরে ছাপা হয়েছে যা পড়া যাচ্ছে না।
ডেঙ্গুতে একজনের মৃত্যু
লেখা ঝাপসা পাঠযোগ্য নয় এখানে সংবাদের বিস্তারিত ছোট অক্ষরে ছাপা হয়েছে যা পড়া যাচ্ছে না। লেখা ঝাপসা পাঠযোগ্য নয় এখানে সংবাদের বিস্তারিত ছোট অক্ষরে ছাপা হয়েছে যা পড়া যাচ্ছে না। লেখা ঝাপসা পাঠযোগ্য নয় এখানে সংবাদের বিস্তারিত ছোট অক্ষরে ছাপা হয়েছে যা পড়া যাচ্ছে না। লেখা ঝাপসা পাঠযোগ্য নয় এখানে সংবাদের বিস্তারিত ছোট অক্ষরে ছাপা হয়েছে যা পড়া যাচ্ছে না। লেখা ঝাপসা পাঠযোগ্য নয় এখানে সংবাদের বিস্তারিত ছোট অক্ষরে ছাপা হয়েছে যা পড়া যাচ্ছে না। লেখা ঝাপসা পাঠযোগ্য নয় এখানে সংবাদের বিস্তারিত ছোট অক্ষরে ছাপা হয়েছে যা পড়া যাচ্ছে না। লেখা ঝাপসা পাঠযোগ্য নয় এখানে সংবাদের বিস্তারিত ছোট অক্ষরে ছাপা হয়েছে যা পড়া যাচ্ছে না। লেখা ঝাপসা পাঠযোগ্য নয় এখানে সংবাদের বিস্তারিত ছোট অক্ষরে ছাপা হয়েছে যা পড়া যাচ্ছে না। লেখা ঝাপসা পাঠযোগ্য নয় এখানে সংবাদের বিস্তারিত ছোট অক্ষরে ছাপা হয়েছে যা পড়া য
ভারত-যুক্তরাষ্ট্র বৈঠকে
লেখা ঝাপসা পাঠযোগ্য নয় এখানে সংবাদের বিস্তারিত ছোট অক্ষরে ছাপা হয়েছে যা পড়া যাচ্ছে না। লেখা ঝাপসা পাঠযোগ্য নয় এখানে সংবাদের বিস্তারিত ছোট অক্ষরে ছাপা হয়েছে যা পড়া যাচ্ছে না। লেখা ঝাপসা পাঠযোগ্য নয় এখানে সংবাদের বিস্তারিত ছোট অক্ষরে ছাপা হয়েছে যা পড়া যাচ্ছে না। লেখা ঝাপসা পাঠযোগ্য নয় এখানে সংবাদের বিস্তারিত ছোট অক্ষরে ছাপা হয়েছে যা পড়া যাচ্ছে না। লেখা ঝাপসা পাঠযোগ্য নয় এখানে সংবাদের বিস্তারিত ছোট অক্ষরে ছাপা হয়েছে যা পড়া যাচ্ছে না। লেখা ঝাপসা পাঠযোগ্য নয় এখানে সংবাদের বিস্তারিত ছোট অক্ষরে ছাপা হয়েছে যা পড়া যাচ্ছে না। লেখা ঝাপসা পাঠযোগ্য নয় এখানে সংবাদের বিস্তারিত ছোট অক্ষরে ছাপা হয়েছে যা পড়া যাচ্ছে না। লেখা ঝাপসা পাঠযোগ্য নয় এখানে সংবাদের বিস্তারিত ছোট অক্ষরে ছাপা হয়েছে যা পড়া যাচ্ছে না। লেখা ঝাপসা পাঠযোগ্য নয় এখানে সংবাদের বিস্তারিত ছোট অক্ষরে ছাপা হয়েছে যা পড়া যাচ্ছে না। লেখা ঝাপসা পাঠযোগ্য নয় এখানে সংবাদের বিস্তারিত ছোট অক্ষরে ছাপা হয়েছে যা পড়া যাচ্ছে না। লেখা ঝাপসা পাঠযোগ্য নয় এখানে সংবাদের বিস্তারিত ছোট অক্ষরে ছাপা হয়েছে যা পড়া যাচ্ছে না। লেখা ঝাপসা পাঠযোগ্য নয় এখানে সংবাদের বিস্তারিত ছোট অক্ষরে ছাপা হয়েছে যা পড়া যাচ্ছে না। লেখা ঝাপসা পাঠযোগ্য নয় এখানে সংবাদের বিস্তারিত ছোট অক্ষরে ছাপা হয়েছে যা পড়া যাচ্ছে না। লেখা ঝাপসা পাঠযোগ্য নয় এখানে
চিকিৎসা বিষয়ে অবগত
লেখা ঝাপসা পাঠযোগ্য নয় এখানে সংবাদের বিস্তারিত ছোট অক্ষরে ছাপা হয়েছে যা পড়া যাচ্ছে না। লেখা ঝাপসা পাঠযোগ্য নয় এখানে সংবাদের বিস্তারিত ছোট অক্ষরে ছাপা হয়েছে যা পড়া যাচ্ছে না। লেখা ঝাপসা পাঠযোগ্য নয় এখানে সংবাদের বিস্তারিত ছোট অক্ষরে ছাপা হয়েছে যা পড়া যাচ্ছে না। লেখা ঝাপসা পাঠযোগ্য নয় এখানে সংবাদের বিস্তারিত ছোট অক্ষরে ছাপা হয়েছে যা পড়া যাচ্ছে না। লেখা ঝাপসা পাঠযোগ্য নয় এখানে সংবাদের বিস্তারিত ছোট অক্ষরে ছাপা হয়েছে যা পড়া যাচ্ছে না। লেখা ঝাপসা পাঠযোগ্য নয় এখানে সংবাদের বিস্তারিত ছোট অক্ষরে ছাপা হয়েছে যা পড়া যাচ্ছে না। লেখা ঝাপসা পাঠযোগ্য নয় এখানে সংবাদের বিস্তারিত ছোট অক্ষরে ছাপা হয়েছে যা পড়া যাচ্ছে না। লেখা ঝাপসা পাঠযোগ্য নয় এখানে সংবাদের বিস্তারিত ছোট অক্ষরে ছাপা হয়েছে যা পড়া যাচ্ছে না। লেখা ঝাপসা পাঠযোগ্য নয় এখানে সংবাদের বিস্তারিত ছোট অক্ষরে ছাপা হয়েছে যা পড়া যাচ্ছে না। লেখা ঝাপসা পাঠযোগ্য নয় এখানে সংবাদের বিস্তারিত ছোট অক্ষরে ছাপা হয়েছে যা পড়া যাচ্ছে না।
জয়ের প্রত্যাশিত
লেখা ঝাপসা পাঠযোগ্য নয় এখানে সংবাদের বিস্তারিত ছোট অক্ষরে ছাপা হয়েছে যা পড়া যাচ্ছে না। লেখা ঝাপসা পাঠযোগ্য নয় এখানে সংবাদের বিস্তারিত ছোট অক্ষরে ছাপা হয়েছে যা পড়া যাচ্ছে না। লেখা ঝাপসা পাঠযোগ্য নয় এখানে সংবাদের বিস্তারিত ছোট অক্ষরে ছাপা হয়েছে যা পড়া যাচ্ছে না। লেখা ঝাপসা পাঠযোগ্য নয় এখানে সংবাদের বিস্তারিত ছোট অক্ষরে ছাপা হয়েছে যা পড়া যাচ্ছে না। লেখা ঝাপসা পাঠযোগ্য নয় এখানে সংবাদের বিস্তারিত ছোট অক্ষরে ছাপা হয়েছে যা পড়া যাচ্ছে না। লেখা ঝাপসা পাঠযোগ্য নয় এখানে সংবাদের বিস্তারিত ছোট অক্ষরে ছাপা হয়েছে যা পড়া যাচ্ছে না। লেখা ঝাপসা পাঠযোগ্য নয় এখানে সংবাদের বিস্তারিত ছোট অক্ষরে ছাপা হয়েছে যা পড়া যাচ্ছে না। লেখা ঝাপসা পাঠযোগ্য নয় এখানে সংবাদের বিস্তারিত ছোট অক্ষরে ছাপা হয়েছে যা পড়া যাচ্ছে না। লেখা ঝাপসা পাঠযোগ্য নয় এখানে সংবাদের বিস্তারিত ছোট অক্ষরে ছাপা হয়েছে যা পড়া যাচ্ছে না। লেখা ঝাপসা পাঠযোগ্য নয় এখানে সংবাদের বিস্তারিত ছোট অক্ষরে ছাপা হয়েছে যা পড়া যাচ্ছে না। লেখা ঝাপসা পাঠযোগ্য নয় এখানে সংবাদের বিস্তারিত ছোট অক্ষরে ছাপা হয়েছে যা পড়া যাচ্ছে না। লেখা ঝাপসা পাঠযোগ্য নয় এখানে সংবাদের বিস্তারিত ছোট অক্ষরে ছাপা হয়েছে যা পড়া যাচ্ছে না। লেখা ঝাপসা পাঠযোগ্য নয় এখানে সংবাদের বিস্তারিত ছোট অক্ষরে ছাপা হয়েছে যা পড়া যাচ্ছে না। লেখা ঝাপসা পাঠযোগ্য নয় এখানে সংবাদের বিস্তারিত ছোট অক্ষরে ছাপা হয়েছে যা পড়া যাচ্ছে না। লেখা ঝাপসা পাঠযোগ্য নয় এখানে সংবাদের বিস্তারিত ছোট অক্ষরে ছাপা হয়েছে যা পড়া যাচ্ছে না। লেখা ঝাপসা পাঠযোগ্য নয় এখানে সংবাদের বিস্তারিত ছোট অক্ষরে ছাপা হয়েছে যা পড়া যাচ্ছে না। লেখা ঝাপসা পাঠযোগ্য নয় এখানে সংবাদের বিস্তারিত ছোট অক্ষরে ছ
সবার সর্বত্রসঙ্গে
লেখা ঝাপসা পাঠযোগ্য নয় এখানে সংবাদের বিস্তারিত ছোট অক্ষরে ছাপা হয়েছে যা পড়া যাচ্ছে না। লেখা ঝাপসা পাঠযোগ্য নয় এখানে সংবাদের বিস্তারিত ছোট অক্ষরে ছাপা হয়েছে যা পড়া যাচ্ছে না। লেখা ঝাপসা পাঠযোগ্য নয় এখানে সংবাদের বিস্তারিত ছোট অক্ষরে ছাপা হয়েছে যা পড়া যাচ্ছে না। লেখা ঝাপসা পাঠযোগ্য নয় এখানে সংবাদের বিস্তারিত ছোট অক্ষরে ছাপা হয়েছে যা পড়া যাচ্ছে না। লেখা ঝাপসা পাঠযোগ্য নয় এখানে সংবাদের বিস্তারিত ছোট অক্ষরে ছাপা হয়েছে যা পড়া যাচ্ছে না। লেখা ঝাপসা পাঠযোগ্য নয় এখানে সংবাদের বিস্তারিত ছোট অক্ষরে ছাপা হয়েছে যা পড়া যাচ্ছে না। লেখা ঝাপসা পাঠযোগ্য নয় এখানে সংবাদের বিস্তারিত ছোট অক্ষরে ছাপা হয়েছে যা পড়া যাচ্ছে না। লেখা ঝাপসা পাঠযোগ্য নয় এখানে সংবাদের বিস্তারিত ছোট অক্ষরে ছাপা হয়েছে যা পড়া যাচ্ছে না। লেখা ঝাপসা পাঠযোগ্য নয় এখানে সংবাদের বিস্তারিত ছোট অক্ষরে ছাপা হয়েছে যা পড়া যাচ্ছে না। লেখা ঝাপসা পাঠযোগ্য নয় এখানে সংবাদের বিস্তারিত ছোট অক্ষরে ছাপা হয়েছে যা পড়া যাচ্ছে না। লেখা ঝাপসা পাঠযোগ্য নয় এখানে সংবাদের বিস্তারিত ছোট অক্ষরে ছাপা হয়েছে যা পড়া যাচ্ছে না। লেখা ঝাপসা পাঠযোগ্য নয় এখানে সংবাদের বিস্তারিত ছোট অক্ষরে ছাপা হয়েছে যা পড়া যাচ্ছে না। লেখা ঝাপসা পাঠযোগ্য নয় এখানে সংবাদের বিস্তারিত ছোট অক্ষরে ছাপা হয়েছে যা পড়া যাচ্ছে না। লেখা ঝাপসা পাঠযোগ্য নয় এখানে সংবাদের বিস্তারিত ছোট অক্ষরে ছাপা হয়েছে যা পড়া যাচ্ছে না। লেখা ঝাপসা পাঠযোগ্য নয় এখানে সংবাদের বিস্তারিত ছোট অক্ষরে ছাপা হয়েছে যা পড়া যাচ্ছে না। লেখা ঝাপসা পাঠযোগ্য নয় এখানে সংবাদের বিস্তারিত ছোট অক্ষরে ছাপা হয়েছে যা পড়া যাচ্ছে না। লেখা ঝাপসা পাঠযোগ্য নয় এখানে সংবাদের বিস্তারিত ছোট অক্ষরে ছাপা হয়েছে যা পড়া যাচ্ছে না। লেখা ঝাপসা পাঠযোগ্য নয় এখানে সংবাদের বিস্তারিত ছোট অক্ষরে ছাপা হয়েছে
চুক্তিতে সমস্যা
লেখা ঝাপসা পাঠযোগ্য নয় এখানে সংবাদের বিস্তারিত ছোট অক্ষরে ছাপা হয়েছে যা পড়া যাচ্ছে না। লেখা ঝাপসা পাঠযোগ্য নয় এখানে সংবাদের বিস্তারিত ছোট অক্ষরে ছাপা হয়েছে যা পড়া যাচ্ছে না। লেখা ঝাপসা পাঠযোগ্য নয় এখানে সংবাদের বিস্তারিত ছোট অক্ষরে ছাপা হয়েছে যা পড়া যাচ্ছে না। লেখা ঝাপসা পাঠযোগ্য নয় এখানে সংবাদের বিস্তারিত ছোট অক্ষরে ছাপা হয়েছে যা পড়া যাচ্ছে না। লেখা ঝাপসা পাঠযোগ্য নয় এখানে সংবাদের বিস্তারিত ছোট অক্ষরে ছাপা হয়েছে যা পড়া যাচ্ছে না। লেখা ঝাপসা পাঠযোগ্য নয় এখানে সংবাদের বিস্তারিত ছোট অক্ষরে ছাপা হয়েছে যা পড়া যাচ্ছে না। লেখা ঝাপসা পাঠযোগ্য নয় এখানে সংবাদের বিস্তারিত ছোট অক্ষরে ছাপা হয়েছে যা পড়া যাচ্ছে না। লেখা ঝাপসা পাঠযোগ্য নয় এখানে সংবাদের বিস্তারিত ছোট অক্ষরে ছাপা হয়েছে যা পড়া যাচ্ছে না। লেখা ঝাপসা পাঠযোগ্য নয় এখানে সংবাদের বিস্তারিত ছোট অক্ষরে ছাপা হয়েছে যা পড়া যাচ্ছে না। লেখা ঝাপসা পাঠযোগ্য নয় এখানে সংবাদের বিস্তারিত ছোট অক্ষরে ছাপা হয়েছে যা পড়া যাচ্ছে না। লেখা ঝাপসা পাঠযোগ্য নয় এখানে সংবাদের বিস্তারিত ছোট অক্ষরে ছাপা হয়েছে যা পড়া যাচ্ছে না। লেখা ঝাপসা পাঠযোগ্য নয় এখানে সংবাদের বিস্তারিত ছোট অক্ষরে ছাপা হয়েছে যা পড়া যাচ্ছে না। লেখা ঝাপসা পাঠযোগ্য নয় এখানে সংবাদের বিস্তারিত ছোট অক্ষরে ছাপা হয়েছে যা পড়া যাচ্ছে না। লেখা ঝাপসা পাঠযোগ্য নয় এখানে সংবাদের বিস্তারিত ছোট অক্ষরে ছাপা হয়েছে যা পড়া যাচ্ছে না। লেখা ঝাপসা পাঠযোগ্য নয় এখানে সংবাদের বিস্তারিত ছোট অক্ষরে ছাপা হয়েছে যা পড়া যাচ্ছে না। লেখা ঝাপসা পাঠযোগ্য নয় এখানে সংবাদের বিস্তারিত ছোট অক্ষরে ছাপা হয়েছে যা পড়া যাচ্ছে না। লেখা ঝাপসা পাঠযোগ্য নয় এখানে সংবাদের বিস্তারিত ছোট অক্ষরে ছ
লাগামহীন শিক্ষায়
লেখা ঝাপসা পাঠযোগ্য নয় এখানে সংবাদের বিস্তারিত ছোট অক্ষরে ছাপা হয়েছে যা পড়া যাচ্ছে না। লেখা ঝাপসা পাঠযোগ্য নয় এখানে সংবাদের বিস্তারিত ছোট অক্ষরে ছাপা হয়েছে যা পড়া যাচ্ছে না। লেখা ঝাপসা পাঠযোগ্য নয় এখানে সংবাদের বিস্তারিত ছোট অক্ষরে ছাপা হয়েছে যা পড়া যাচ্ছে না। লেখা ঝাপসা পাঠযোগ্য নয় এখানে সংবাদের বিস্তারিত ছোট অক্ষরে ছাপা হয়েছে যা পড়া যাচ্ছে না। লেখা ঝাপসা পাঠযোগ্য নয় এখানে সংবাদের বিস্তারিত ছোট অক্ষরে ছাপা হয়েছে যা পড়া যাচ্ছে না। লেখা ঝাপসা পাঠযোগ্য নয় এখানে সংবাদের বিস্তারিত ছোট অক্ষরে ছাপা হয়েছে যা পড়া যাচ্ছে না। লেখা ঝাপসা পাঠযোগ্য নয় এখানে সংবাদের বিস্তারিত ছোট অক্ষরে ছাপা হয়েছে যা পড়া যাচ্ছে না। লেখা ঝাপসা পাঠযোগ্য নয় এখানে সংবাদের বিস্তারিত ছোট অক্ষরে ছাপা হয়েছে যা পড়া যাচ্ছে না। লেখা ঝাপসা পাঠযোগ্য নয় এখানে সংবাদের বিস্তারিত ছোট অক্ষরে ছাপা হয়েছে যা পড়া যাচ্ছে না। লেখা ঝাপসা পাঠযোগ্য নয় এখানে সংবাদের বিস্তারিত ছোট অক্ষরে ছাপা হয়েছে যা পড়া যাচ্ছে না। লেখা ঝাপসা পাঠযোগ্য নয় এখানে সংবাদের বিস্তারিত ছোট অক্ষরে ছাপা হয়েছে যা পড়া যাচ্ছে না। লেখা ঝাপসা পাঠযোগ্য নয় এখানে সংবাদের বিস্তারিত ছোট অক্ষরে ছাপা হয়েছে যা পড়া যাচ্ছে না। লেখা ঝাপসা পাঠযোগ্য নয় এখানে সংবাদের বিস্তারিত ছোট অক্ষরে ছাপা হয়েছে যা পড়া যাচ্ছে না। লেখা ঝাপসা পাঠযোগ্য নয় এখানে সংবাদের বিস্তারিত ছোট অক্ষরে ছাপা হয়েছে যা পড়া যাচ্ছে না। লেখা ঝাপসা পাঠযোগ্য নয় এখানে সংবাদের বিস্তারিত ছোট অক্ষরে ছাপা হয়েছে যা পড়া যাচ্ছে না। লেখা ঝাপসা পাঠযোগ্য নয় এখানে সংবাদের বিস্তারিত ছোট অক্ষরে ছাপা হয়েছে যা পড়া যাচ্ছে না। লেখা ঝাপসা পাঠযোগ্য নয় এখানে সংবাদের বিস্তারিত ছোট অক্ষরে ছাপা হয়েছে যা পড়া যাচ্ছে না। লেখা ঝাপসা পাঠযোগ্য নয় এখানে সংবাদের বিস্তারিত ছোট অক্ষরে ছাপা হয়েছে যা পড়া যাচ্ছে না। লেখা ঝাপসা পাঠযোগ্য নয় এখানে সংবাদের বিস্তারিত ছোট অক্ষরে ছাপা হয়েছে যা পড়া যাচ্ছে না। লেখা ঝাপসা পাঠযোগ্য নয় এখানে সংবাদের বিস্তারিত ছোট অক্ষরে ছাপা হয়েছে যা পড়া যাচ্ছে না। লেখা ঝাপসা পাঠযোগ্য নয় এখানে সংবাদের বিস্তারিত ছোট অক্ষরে ছাপা হয়েছে যা পড়া যাচ্ছে না। লেখা ঝাপসা পাঠযোগ্য নয় এখানে সংবাদের বিস্তারিত ছোট অক্ষরে ছাপা হয়েছে যা পড়া যাচ্ছে না। লেখা ঝাপসা পাঠযোগ্য নয় এখানে সংবাদের বিস্তারিত ছোট অক্ষরে ছাপা হয়েছে যা পড়া যাচ্ছে না। লেখা ঝাপসা পাঠযোগ্য নয় এখানে সংবাদের বিস্তারিত ছোট অক্ষরে ছাপা হয়েছে যা পড়া যাচ্ছে না। লেখা ঝাপসা পাঠযোগ্য নয় এখানে সংবাদের বিস্তারিত ছোট অক্ষরে ছাপা হয়েছে যা পড়া যাচ্ছে না। লেখা ঝাপসা পাঠযোগ্য নয় এখানে সংবাদের বিস্তারিত ছোট অক্ষরে ছাপা হয়েছে যা পড়া যাচ্ছে না। লেখা ঝাপসা পাঠযোগ্য নয় এখানে সংবাদের বিস্তারিত
